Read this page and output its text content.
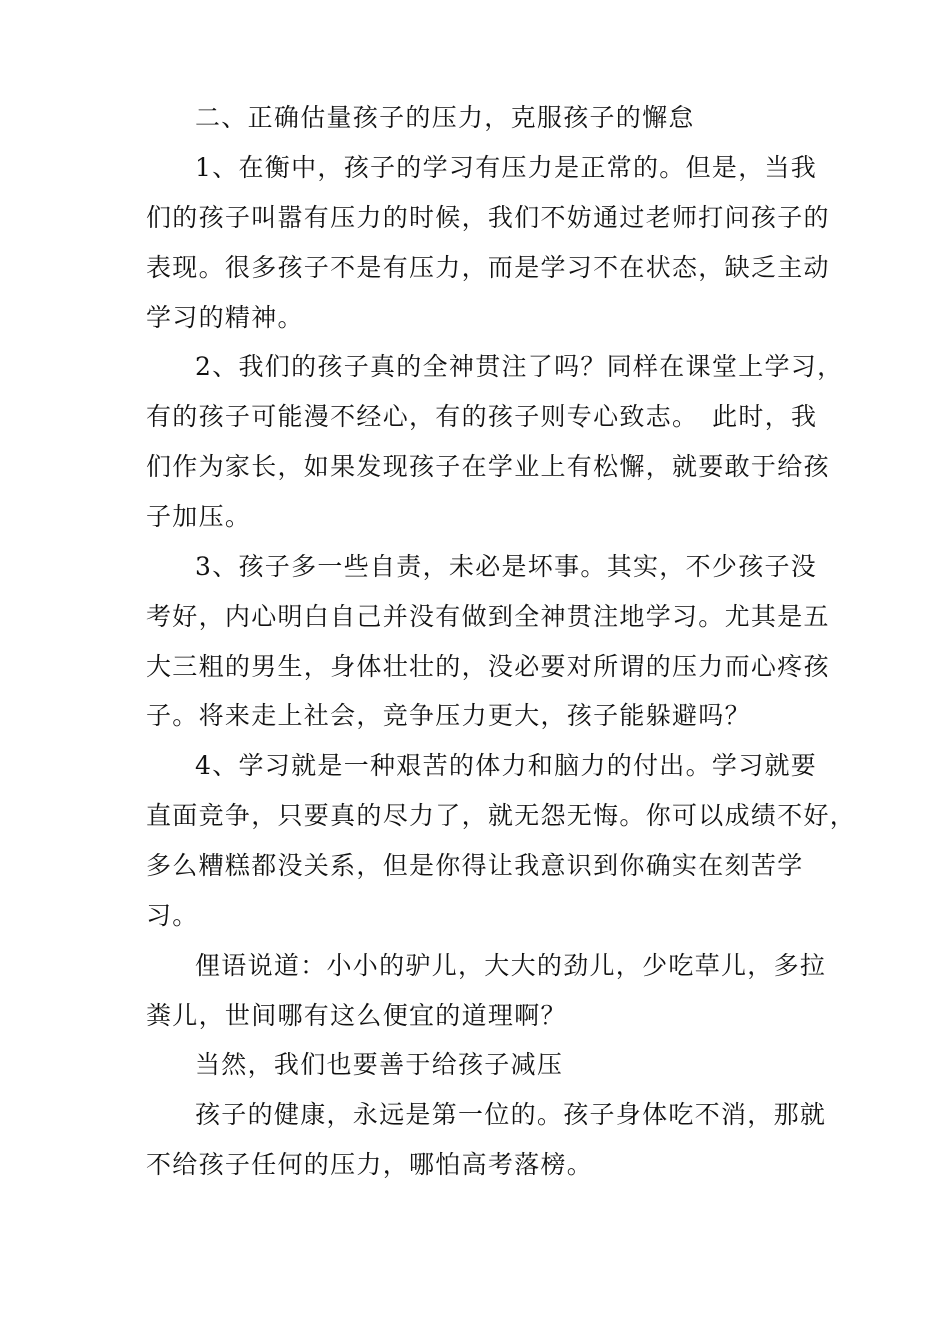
二、正确估量孩子的压力，克服孩子的懈怠
1、在衡中，孩子的学习有压力是正常的。但是，当我
们的孩子叫嚣有压力的时候，我们不妨通过老师打问孩子的
表现。很多孩子不是有压力，而是学习不在状态，缺乏主动
学习的精神。
2、我们的孩子真的全神贯注了吗？同样在课堂上学习，
有的孩子可能漫不经心，有的孩子则专心致志。　此时，我
们作为家长，如果发现孩子在学业上有松懈，就要敢于给孩
子加压。
3、孩子多一些自责，未必是坏事。其实，不少孩子没
考好，内心明白自己并没有做到全神贯注地学习。尤其是五
大三粗的男生，身体壮壮的，没必要对所谓的压力而心疼孩
子。将来走上社会，竞争压力更大，孩子能躲避吗？
4、学习就是一种艰苦的体力和脑力的付出。学习就要
直面竞争，只要真的尽力了，就无怨无悔。你可以成绩不好，
多么糟糕都没关系，但是你得让我意识到你确实在刻苦学
习。
俚语说道：小小的驴儿，大大的劲儿，少吃草儿，多拉
粪儿，世间哪有这么便宜的道理啊？
当然，我们也要善于给孩子减压
孩子的健康，永远是第一位的。孩子身体吃不消，那就
不给孩子任何的压力，哪怕高考落榜。
